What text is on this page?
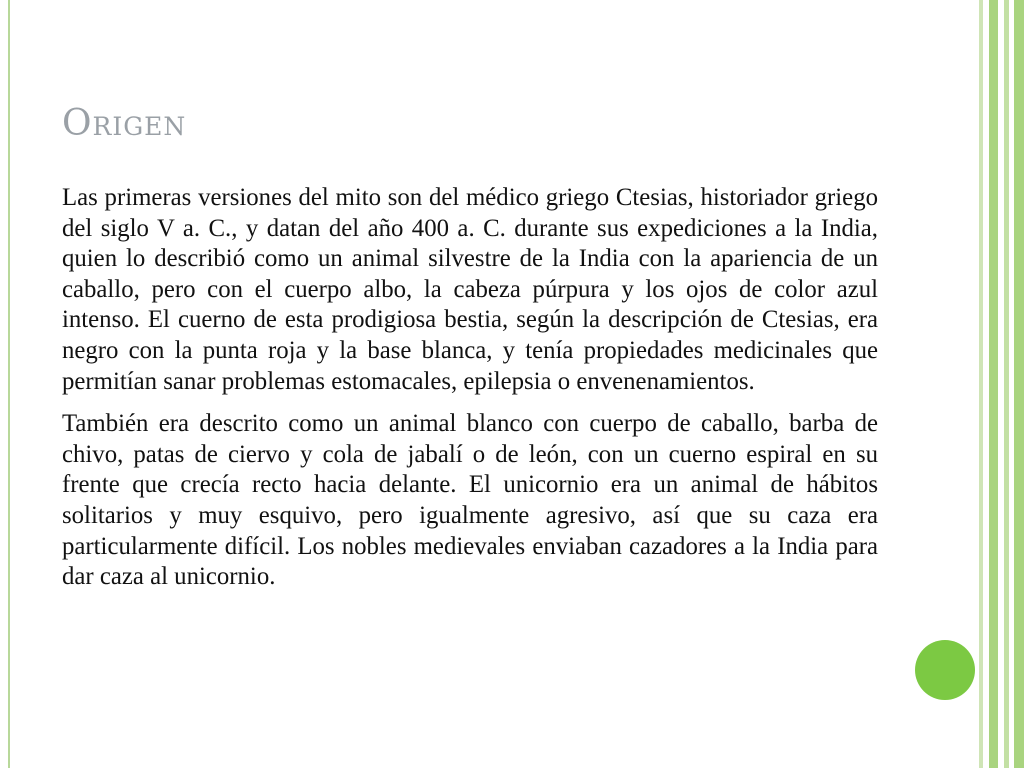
Origen

Las primeras versiones del mito son del médico griego Ctesias, historiador griego del siglo V a. C., y datan del año 400 a. C. durante sus expediciones a la India, quien lo describió como un animal silvestre de la India con la apariencia de un caballo, pero con el cuerpo albo, la cabeza púrpura y los ojos de color azul intenso. El cuerno de esta prodigiosa bestia, según la descripción de Ctesias, era negro con la punta roja y la base blanca, y tenía propiedades medicinales que permitían sanar problemas estomacales, epilepsia o envenenamientos.

También era descrito como un animal blanco con cuerpo de caballo, barba de chivo, patas de ciervo y cola de jabalí o de león, con un cuerno espiral en su frente que crecía recto hacia delante. El unicornio era un animal de hábitos solitarios y muy esquivo, pero igualmente agresivo, así que su caza era particularmente difícil. Los nobles medievales enviaban cazadores a la India para dar caza al unicornio.
